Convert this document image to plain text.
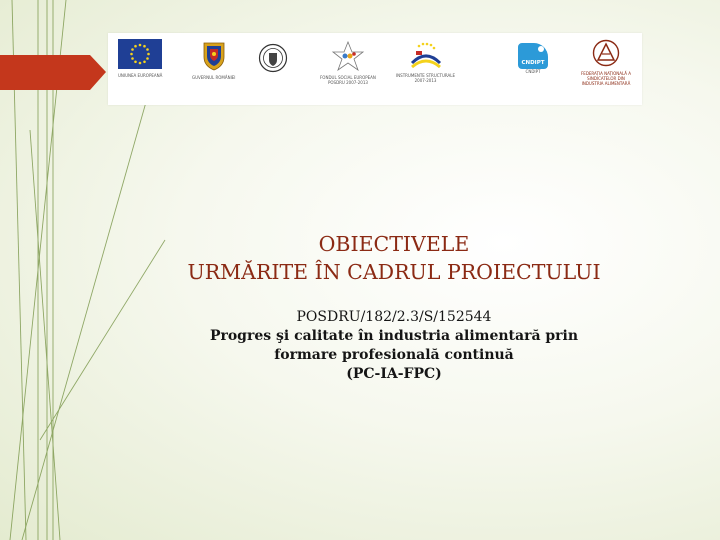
UNIUNEA EUROPEANĂ	GUVERNUL ROMÂNIEI	FONDUL SOCIAL EUROPEAN
POSDRU 2007-2013
INSTRUMENTE STRUCTURALE
2007-2013
CNDIPT
CNDIPT	FEDERAȚIA NAȚIONALĂ A
SINDICATELOR DIN
INDUSTRIA ALIMENTARĂ
OBIECTIVELE
URMĂRITE ÎN CADRUL PROIECTULUI
POSDRU/182/2.3/S/152544
Progres şi calitate în industria alimentară prin
formare profesională continuă
(PC-IA-FPC)
